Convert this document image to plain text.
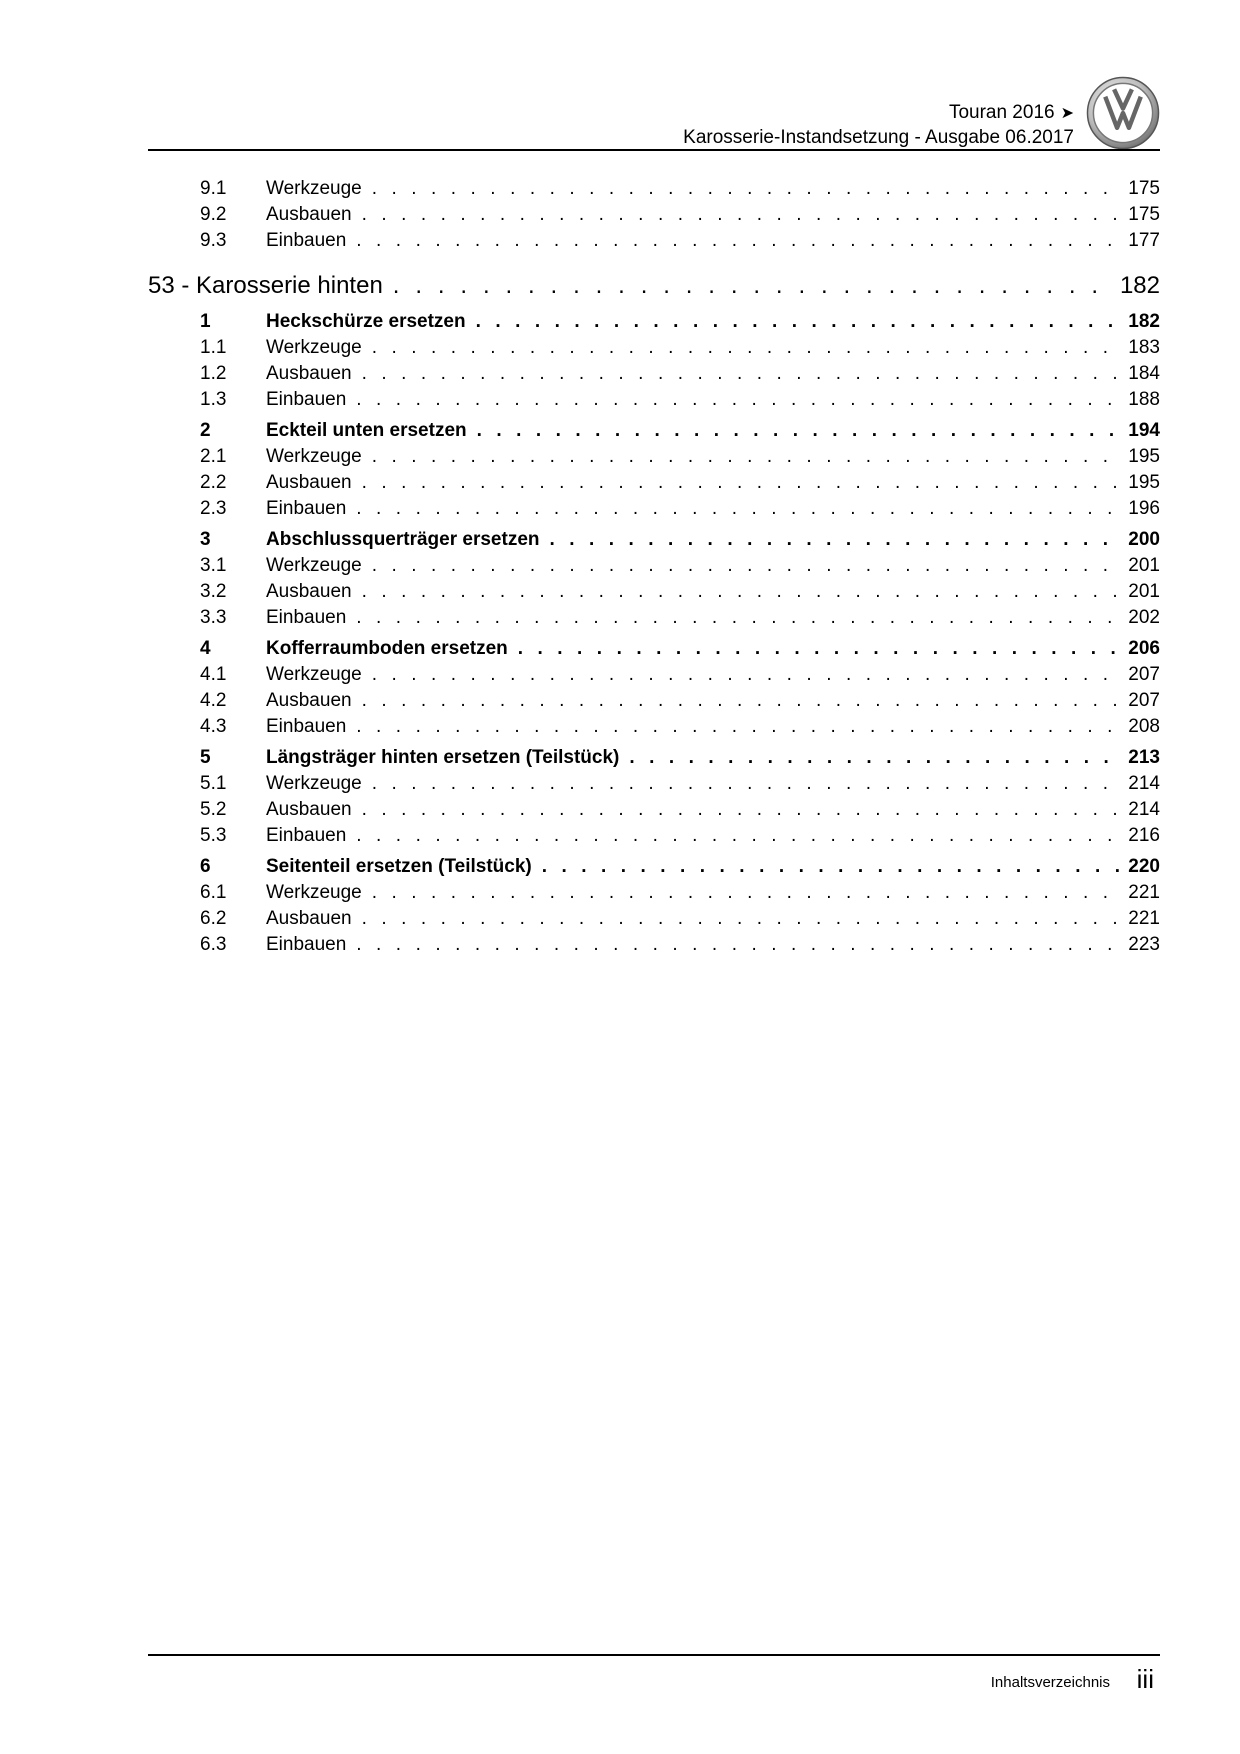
Touran 2016 ➤
Karosserie-Instandsetzung - Ausgabe 06.2017
9.1 Werkzeuge . . .	175
9.2 Ausbauen . . .	175
9.3 Einbauen . . .	177
53 - Karosserie hinten . . .	182
1	Heckschürze ersetzen . . .	182
1.1 Werkzeuge . . .	183
1.2 Ausbauen . . .	184
1.3 Einbauen . . .	188
2	Eckteil unten ersetzen . . .	194
2.1 Werkzeuge . . .	195
2.2 Ausbauen . . .	195
2.3 Einbauen . . .	196
3	Abschlussquerträger ersetzen . . .	200
3.1 Werkzeuge . . .	201
3.2 Ausbauen . . .	201
3.3 Einbauen . . .	202
4	Kofferraumboden ersetzen . . .	206
4.1 Werkzeuge . . .	207
4.2 Ausbauen . . .	207
4.3 Einbauen . . .	208
5	Längsträger hinten ersetzen (Teilstück) . . .	213
5.1 Werkzeuge . . .	214
5.2 Ausbauen . . .	214
5.3 Einbauen . . .	216
6	Seitenteil ersetzen (Teilstück) . . .	220
6.1 Werkzeuge . . .	221
6.2 Ausbauen . . .	221
6.3 Einbauen . . .	223
Inhaltsverzeichnis iii
